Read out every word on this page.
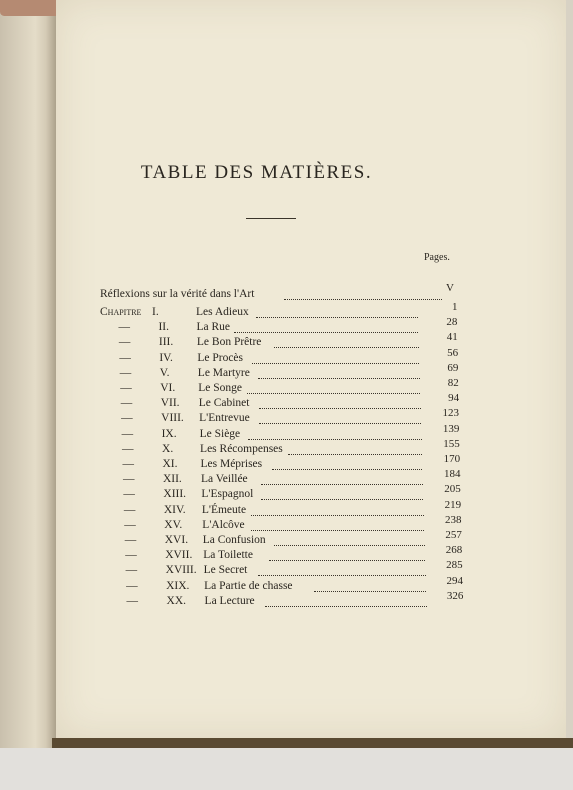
TABLE DES MATIÈRES.
Pages.
Réflexions sur la vérité dans l'Art	V
Chapitre I.	Les Adieux	1
— II. La Rue	28
— III. Le Bon Prêtre	41
— IV. Le Procès	56
— V. Le Martyre	69
— VI. Le Songe	82
— VII. Le Cabinet	94
— VIII. L'Entrevue	123
— IX. Le Siège	139
— X. Les Récompenses	155
— XI. Les Méprises	170
— XII. La Veillée	184
— XIII. L'Espagnol	205
— XIV. L'Émeute	219
— XV. L'Alcôve	238
— XVI. La Confusion	257
— XVII. La Toilette	268
— XVIII. Le Secret	285
— XIX. La Partie de chasse	294
— XX. La Lecture	326
